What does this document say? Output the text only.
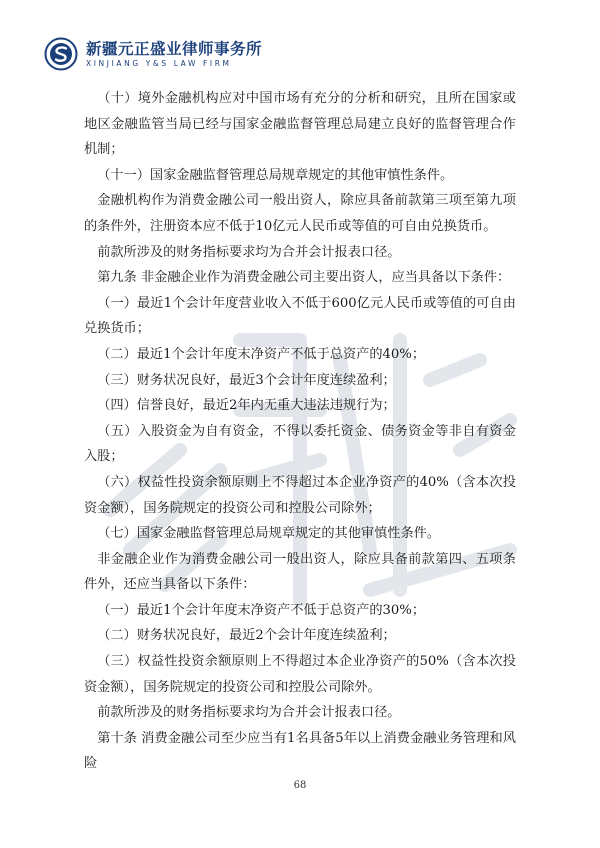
新疆元正盛业律师事务所
XINJIANG Y&S LAW FIRM

（十）境外金融机构应对中国市场有充分的分析和研究，且所在国家或地区金融监管当局已经与国家金融监督管理总局建立良好的监督管理合作机制；

（十一）国家金融监督管理总局规章规定的其他审慎性条件。

金融机构作为消费金融公司一般出资人，除应具备前款第三项至第九项的条件外，注册资本应不低于10亿元人民币或等值的可自由兑换货币。

前款所涉及的财务指标要求均为合并会计报表口径。

第九条 非金融企业作为消费金融公司主要出资人，应当具备以下条件：

（一）最近1个会计年度营业收入不低于600亿元人民币或等值的可自由兑换货币；

（二）最近1个会计年度末净资产不低于总资产的40%；

（三）财务状况良好，最近3个会计年度连续盈利；

（四）信誉良好，最近2年内无重大违法违规行为；

（五）入股资金为自有资金，不得以委托资金、债务资金等非自有资金入股；

（六）权益性投资余额原则上不得超过本企业净资产的40%（含本次投资金额），国务院规定的投资公司和控股公司除外；

（七）国家金融监督管理总局规章规定的其他审慎性条件。

非金融企业作为消费金融公司一般出资人，除应具备前款第四、五项条件外，还应当具备以下条件：

（一）最近1个会计年度末净资产不低于总资产的30%；

（二）财务状况良好，最近2个会计年度连续盈利；

（三）权益性投资余额原则上不得超过本企业净资产的50%（含本次投资金额），国务院规定的投资公司和控股公司除外。

前款所涉及的财务指标要求均为合并会计报表口径。

第十条 消费金融公司至少应当有1名具备5年以上消费金融业务管理和风险

68
